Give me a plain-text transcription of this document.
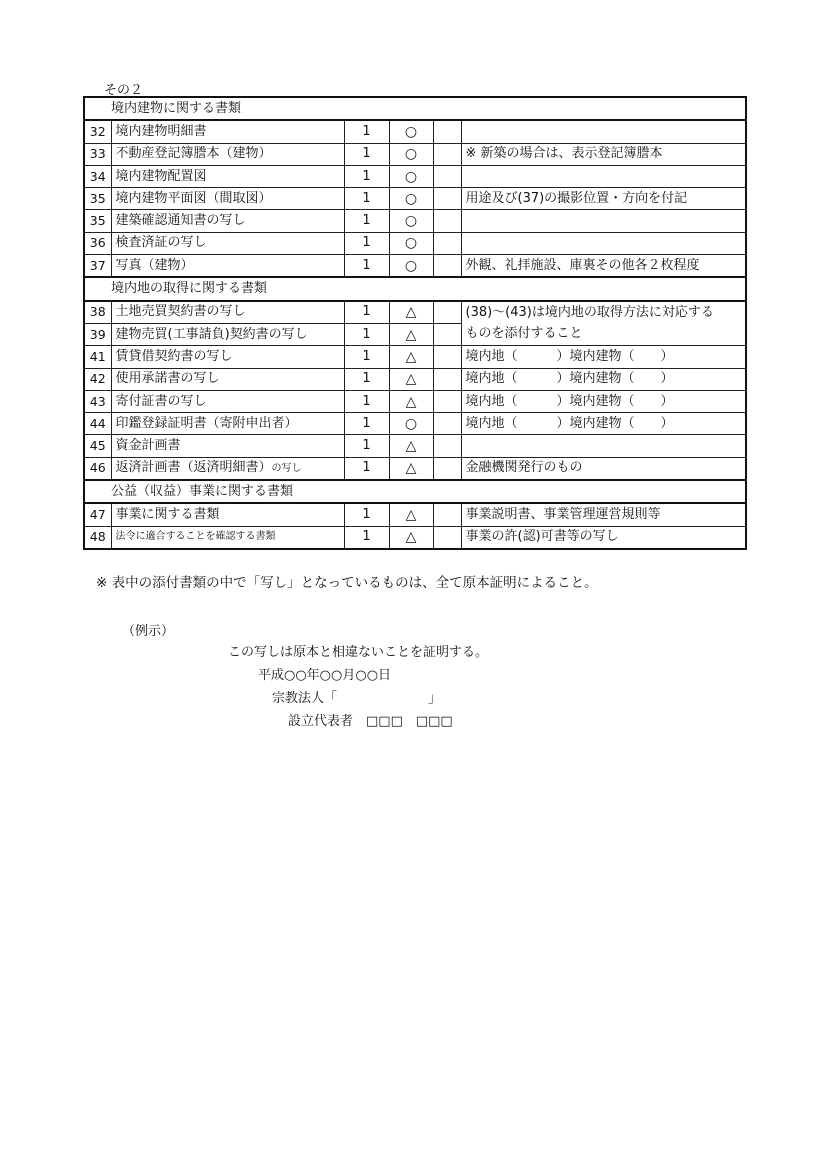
その２
境内建物に関する書類					
32	境内建物明細書	1	○		
33	不動産登記簿謄本（建物）	1	○		※ 新築の場合は、表示登記簿謄本
34	境内建物配置図	1	○		
35	境内建物平面図（間取図）	1	○		用途及び(37)の撮影位置・方向を付記
35	建築確認通知書の写し	1	○		
36	検査済証の写し	1	○		
37	写真（建物）	1	○		外観、礼拝施設、庫裏その他各２枚程度
境内地の取得に関する書類					
38	土地売買契約書の写し	1	△		(38)〜(43)は境内地の取得方法に対応する
39	建物売買(工事請負)契約書の写し	1	△		ものを添付すること
41	賃貸借契約書の写し	1	△		境内地（　　　）境内建物（　　）
42	使用承諾書の写し	1	△		境内地（　　　）境内建物（　　）
43	寄付証書の写し	1	△		境内地（　　　）境内建物（　　）
44	印鑑登録証明書（寄附申出者）	1	○		境内地（　　　）境内建物（　　）
45	資金計画書	1	△		
46	返済計画書（返済明細書）の写し	1	△		金融機関発行のもの
公益（収益）事業に関する書類					
47	事業に関する書類	1	△		事業説明書、事業管理運営規則等
48	法令に適合することを確認する書類	1	△		事業の許(認)可書等の写し
※ 表中の添付書類の中で「写し」となっているものは、全て原本証明によること。
（例示）
この写しは原本と相違ないことを証明する。
平成○○年○○月○○日
宗教法人「　　　　　　　」
設立代表者　□□□　□□□
